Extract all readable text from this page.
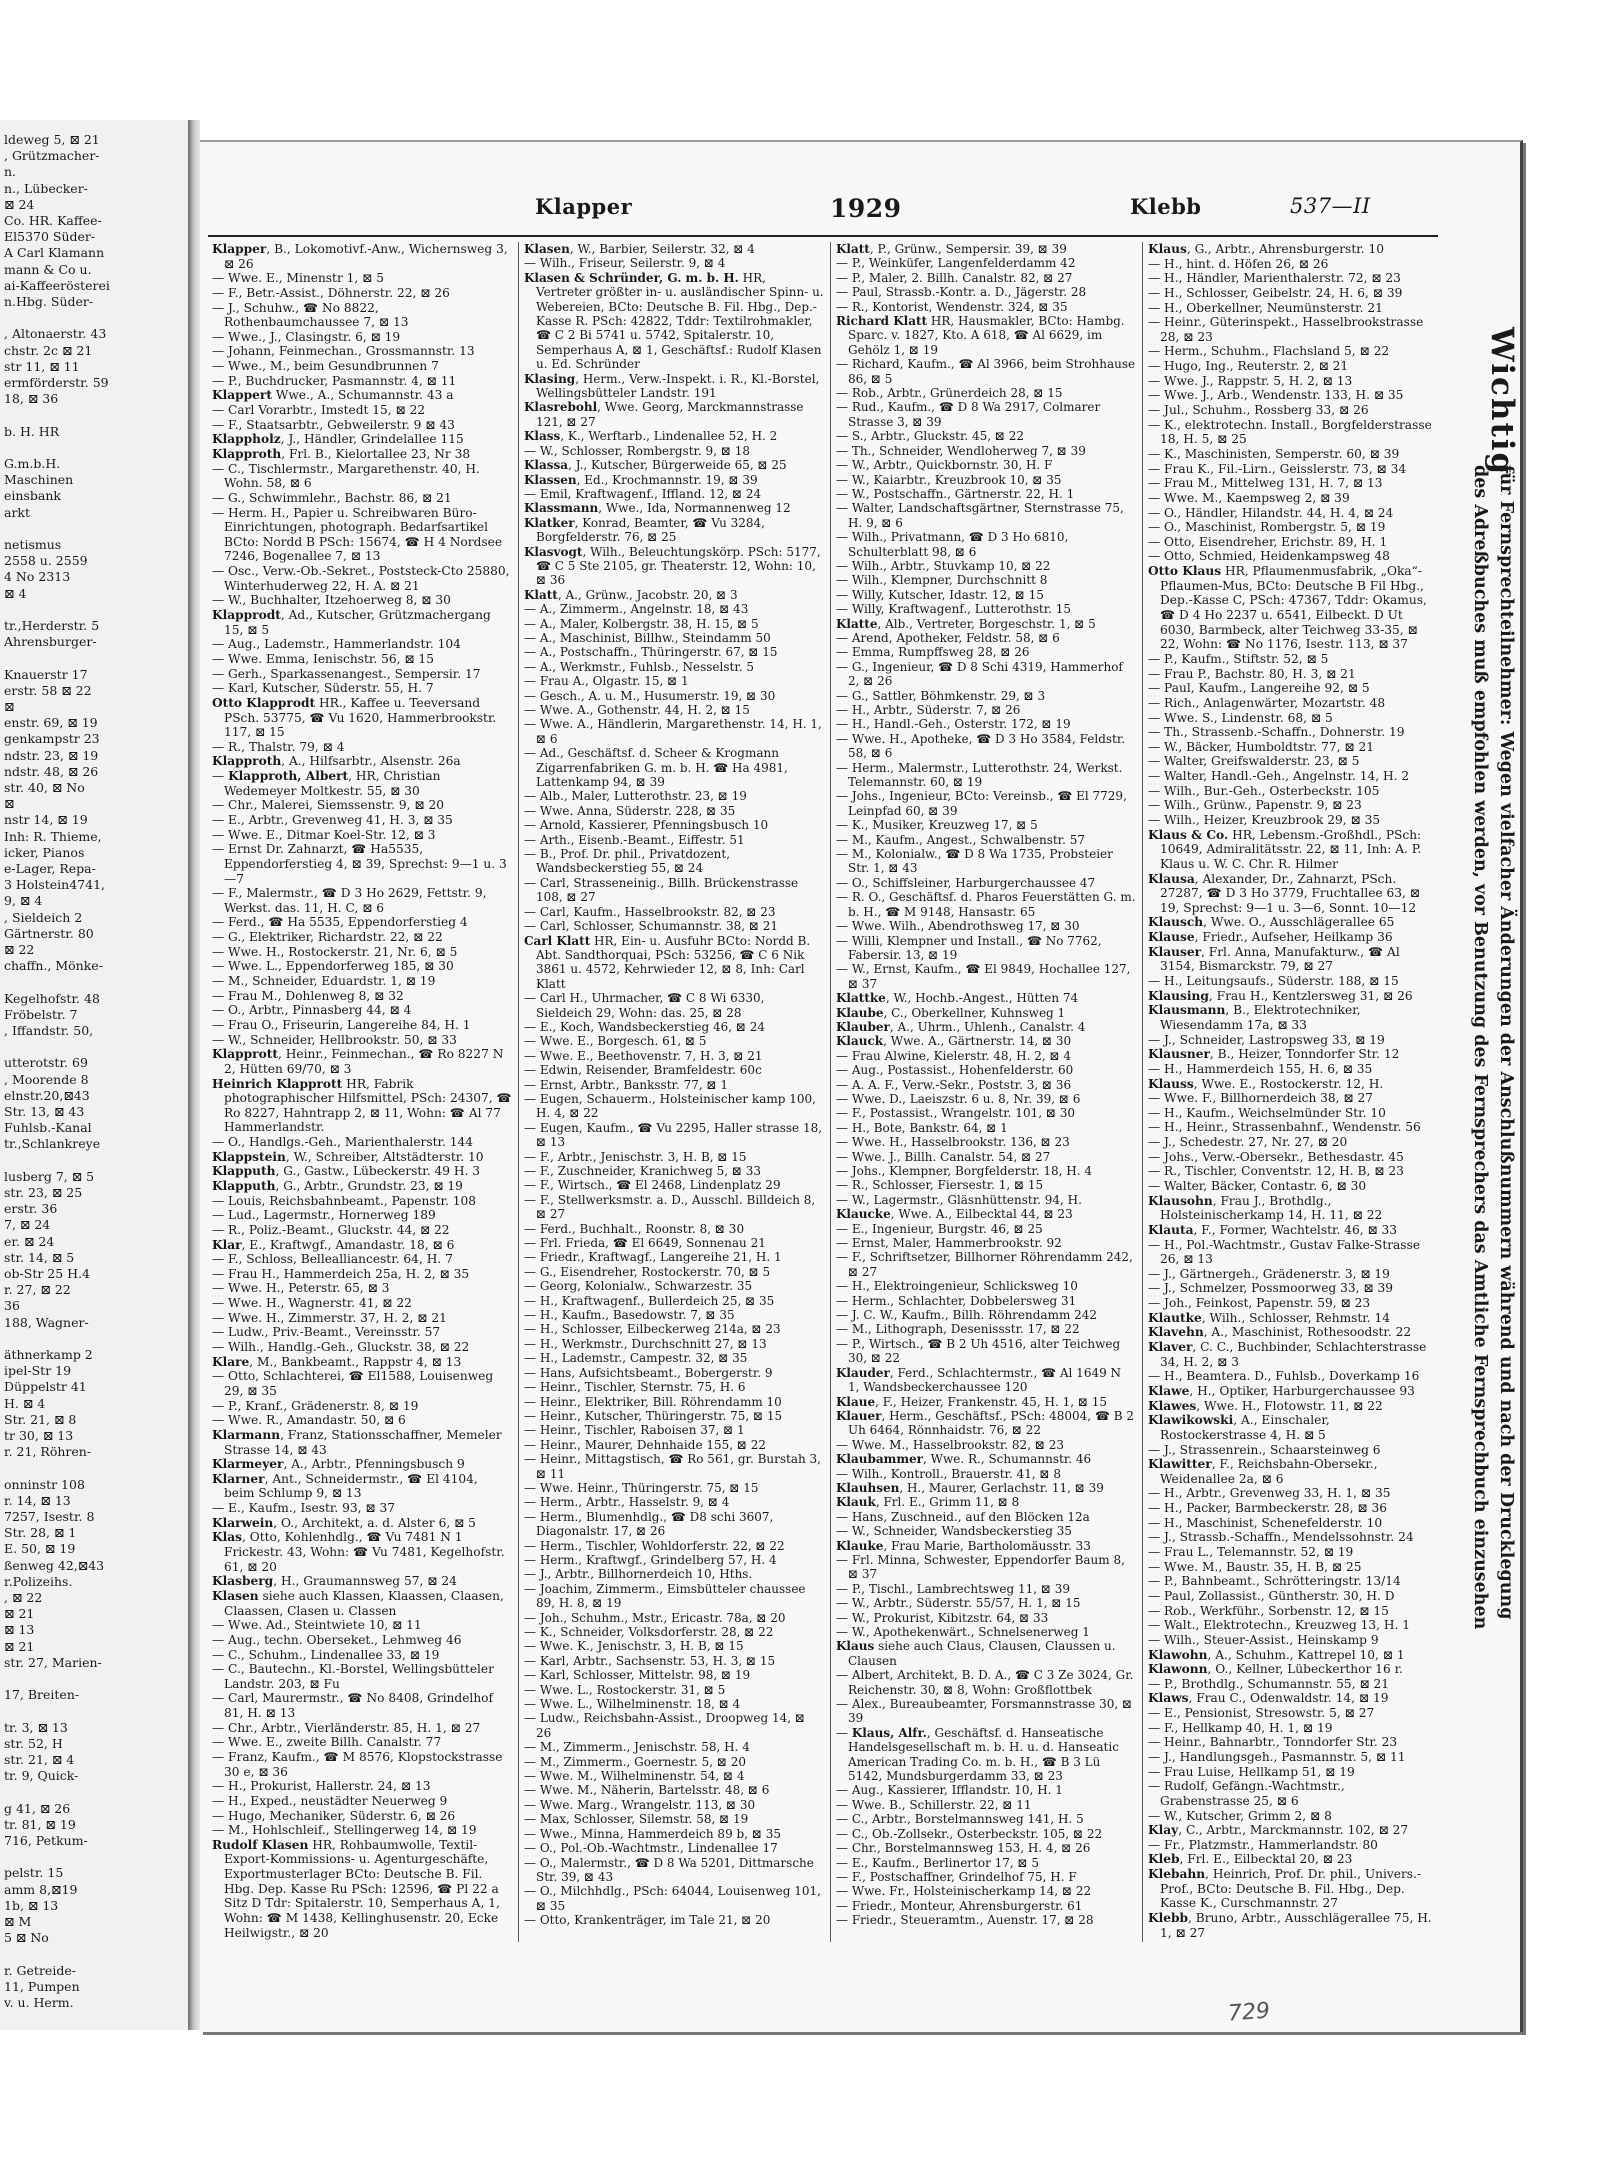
ldeweg 5, ⊠ 21
, Grützmacher-
n.
n., Lübecker-
⊠ 24
Co. HR. Kaffee-
El5370 Süder-
A Carl Klamann
mann & Co u.
ai-Kaffeerösterei
n.Hbg. Süder-
, Altonaerstr. 43
chstr. 2c ⊠ 21
str 11, ⊠ 11
ermförderstr. 59
18, ⊠ 36
b. H. HR
G.m.b.H.
Maschinen
einsbank
arkt
netismus
2558 u. 2559
4 No 2313
⊠ 4
tr.,Herderstr. 5
Ahrensburger-
Knauerstr 17
erstr. 58 ⊠ 22
⊠
enstr. 69, ⊠ 19
genkampstr 23
ndstr. 23, ⊠ 19
ndstr. 48, ⊠ 26
str. 40, ⊠ No
⊠
nstr 14, ⊠ 19
Inh: R. Thieme,
icker, Pianos
e-Lager, Repa-
3 Holstein4741,
9, ⊠ 4
, Sieldeich 2
Gärtnerstr. 80
⊠ 22
chaffn., Mönke-
Kegelhofstr. 48
Fröbelstr. 7
, Iffandstr. 50,
utterotstr. 69
, Moorende 8
elnstr.20,⊠43
Str. 13, ⊠ 43
Fuhlsb.-Kanal
tr.,Schlankreye
lusberg 7, ⊠ 5
str. 23, ⊠ 25
erstr. 36
7, ⊠ 24
er. ⊠ 24
str. 14, ⊠ 5
ob-Str 25 H.4
r. 27, ⊠ 22
36
188, Wagner-
äthnerkamp 2
ipel-Str 19
Düppelstr 41
H. ⊠ 4
Str. 21, ⊠ 8
tr 30, ⊠ 13
r. 21, Röhren-
onninstr 108
r. 14, ⊠ 13
7257, Isestr. 8
Str. 28, ⊠ 1
E. 50, ⊠ 19
ßenweg 42,⊠43
r.Polizeihs.
, ⊠ 22
⊠ 21
⊠ 13
⊠ 21
str. 27, Marien-
17, Breiten-
tr. 3, ⊠ 13
str. 52, H
str. 21, ⊠ 4
tr. 9, Quick-
g 41, ⊠ 26
tr. 81, ⊠ 19
716, Petkum-
pelstr. 15
amm 8,⊠19
1b, ⊠ 13
⊠ M
5 ⊠ No
r. Getreide-
11, Pumpen
v. u. Herm.
Klapper	1929	Klebb	537—II
Klapper, B., Lokomotivf.-Anw., Wichernsweg 3, ⊠ 26
— Wwe. E., Minenstr 1, ⊠ 5
— F., Betr.-Assist., Döhnerstr. 22, ⊠ 26
— J., Schuhw., ☎ No 8822, Rothenbaumchaussee 7, ⊠ 13
— Wwe., J., Clasingstr. 6, ⊠ 19
— Johann, Feinmechan., Grossmannstr. 13
— Wwe., M., beim Gesundbrunnen 7
— P., Buchdrucker, Pasmannstr. 4, ⊠ 11
Klappert Wwe., A., Schumannstr. 43 a
— Carl Vorarbtr., Imstedt 15, ⊠ 22
— F., Staatsarbtr., Gebweilerstr. 9 ⊠ 43
Klappholz, J., Händler, Grindelallee 115
Klapproth, Frl. B., Kielortallee 23, Nr 38
— C., Tischlermstr., Margarethenstr. 40, H. Wohn. 58, ⊠ 6
— G., Schwimmlehr., Bachstr. 86, ⊠ 21
— Herm. H., Papier u. Schreibwaren Büro-Einrichtungen, photograph. Bedarfsartikel BCto: Nordd B PSch: 15674, ☎ H 4 Nordsee 7246, Bogenallee 7, ⊠ 13
— Osc., Verw.-Ob.-Sekret., Poststeck-Cto 25880, Winterhuderweg 22, H. A. ⊠ 21
— W., Buchhalter, Itzehoerweg 8, ⊠ 30
Klapprodt, Ad., Kutscher, Grützmachergang 15, ⊠ 5
— Aug., Lademstr., Hammerlandstr. 104
— Wwe. Emma, Ienischstr. 56, ⊠ 15
— Gerh., Sparkassenangest., Sempersir. 17
— Karl, Kutscher, Süderstr. 55, H. 7
Otto Klapprodt HR., Kaffee u. Teeversand PSch. 53775, ☎ Vu 1620, Hammerbrookstr. 117, ⊠ 15
— R., Thalstr. 79, ⊠ 4
Klapproth, A., Hilfsarbtr., Alsenstr. 26a
— Klapproth, Albert, HR, Christian Wedemeyer Moltkestr. 55, ⊠ 30
— Chr., Malerei, Siemssenstr. 9, ⊠ 20
— E., Arbtr., Grevenweg 41, H. 3, ⊠ 35
— Wwe. E., Ditmar Koel-Str. 12, ⊠ 3
— Ernst Dr. Zahnarzt, ☎ Ha5535, Eppendorferstieg 4, ⊠ 39, Sprechst: 9—1 u. 3—7
— F., Malermstr., ☎ D 3 Ho 2629, Fettstr. 9, Werkst. das. 11, H. C, ⊠ 6
— Ferd., ☎ Ha 5535, Eppendorferstieg 4
— G., Elektriker, Richardstr. 22, ⊠ 22
— Wwe. H., Rostockerstr. 21, Nr. 6, ⊠ 5
— Wwe. L., Eppendorferweg 185, ⊠ 30
— M., Schneider, Eduardstr. 1, ⊠ 19
— Frau M., Dohlenweg 8, ⊠ 32
— O., Arbtr., Pinnasberg 44, ⊠ 4
— Frau O., Friseurin, Langereihe 84, H. 1
— W., Schneider, Hellbrookstr. 50, ⊠ 33
Klapprott, Heinr., Feinmechan., ☎ Ro 8227 N 2, Hütten 69/70, ⊠ 3
Heinrich Klapprott HR, Fabrik photographischer Hilfsmittel, PSch: 24307, ☎ Ro 8227, Hahntrapp 2, ⊠ 11, Wohn: ☎ Al 77 Hammerlandstr.
— O., Handlgs.-Geh., Marienthalerstr. 144
Klappstein, W., Schreiber, Altstädterstr. 10
Klapputh, G., Gastw., Lübeckerstr. 49 H. 3
Klapputh, G., Arbtr., Grundstr. 23, ⊠ 19
— Louis, Reichsbahnbeamt., Papenstr. 108
— Lud., Lagermstr., Hornerweg 189
— R., Poliz.-Beamt., Gluckstr. 44, ⊠ 22
Klar, E., Kraftwgf., Amandastr. 18, ⊠ 6
— F., Schloss, Bellealliancestr. 64, H. 7
— Frau H., Hammerdeich 25a, H. 2, ⊠ 35
— Wwe. H., Peterstr. 65, ⊠ 3
— Wwe. H., Wagnerstr. 41, ⊠ 22
— Wwe. H., Zimmerstr. 37, H. 2, ⊠ 21
— Ludw., Priv.-Beamt., Vereinsstr. 57
— Wilh., Handlg.-Geh., Gluckstr. 38, ⊠ 22
Klare, M., Bankbeamt., Rappstr 4, ⊠ 13
— Otto, Schlachterei, ☎ El1588, Louisenweg 29, ⊠ 35
— P., Kranf., Grädenerstr. 8, ⊠ 19
— Wwe. R., Amandastr. 50, ⊠ 6
Klarmann, Franz, Stationsschaffner, Memeler Strasse 14, ⊠ 43
Klarmeyer, A., Arbtr., Pfenningsbusch 9
Klarner, Ant., Schneidermstr., ☎ El 4104, beim Schlump 9, ⊠ 13
— E., Kaufm., Isestr. 93, ⊠ 37
Klarwein, O., Architekt, a. d. Alster 6, ⊠ 5
Klas, Otto, Kohlenhdlg., ☎ Vu 7481 N 1 Frickestr. 43, Wohn: ☎ Vu 7481, Kegelhofstr. 61, ⊠ 20
Klasberg, H., Graumannsweg 57, ⊠ 24
Klasen siehe auch Klassen, Klaassen, Claasen, Claassen, Clasen u. Classen
— Wwe. Ad., Steintwiete 10, ⊠ 11
— Aug., techn. Oberseket., Lehmweg 46
— C., Schuhm., Lindenallee 33, ⊠ 19
— C., Bautechn., Kl.-Borstel, Wellingsbütteler Landstr. 203, ⊠ Fu
— Carl, Maurermstr., ☎ No 8408, Grindelhof 81, H. ⊠ 13
— Chr., Arbtr., Vierländerstr. 85, H. 1, ⊠ 27
— Wwe. E., zweite Billh. Canalstr. 77
— Franz, Kaufm., ☎ M 8576, Klopstockstrasse 30 e, ⊠ 36
— H., Prokurist, Hallerstr. 24, ⊠ 13
— H., Exped., neustädter Neuerweg 9
— Hugo, Mechaniker, Süderstr. 6, ⊠ 26
— M., Hohlschleif., Stellingerweg 14, ⊠ 19
Rudolf Klasen HR, Rohbaumwolle, Textil-Export-Kommissions- u. Agenturgeschäfte, Exportmusterlager BCto: Deutsche B. Fil. Hbg. Dep. Kasse Ru PSch: 12596, ☎ Pl 22 a Sitz D Tdr: Spitalerstr. 10, Semperhaus A, 1, Wohn: ☎ M 1438, Kellinghusenstr. 20, Ecke Heilwigstr., ⊠ 20
Klasen, W., Barbier, Seilerstr. 32, ⊠ 4
— Wilh., Friseur, Seilerstr. 9, ⊠ 4
Klasen & Schründer, G. m. b. H. HR, Vertreter größter in- u. ausländischer Spinn- u. Webereien, BCto: Deutsche B. Fil. Hbg., Dep.-Kasse R. PSch: 42822, Tddr: Textilrohmakler, ☎ C 2 Bi 5741 u. 5742, Spitalerstr. 10, Semperhaus A, ⊠ 1, Geschäftsf.: Rudolf Klasen u. Ed. Schründer
Klasing, Herm., Verw.-Inspekt. i. R., Kl.-Borstel, Wellingsbütteler Landstr. 191
Klasrebohl, Wwe. Georg, Marckmannstrasse 121, ⊠ 27
Klass, K., Werftarb., Lindenallee 52, H. 2
— W., Schlosser, Rombergstr. 9, ⊠ 18
Klassa, J., Kutscher, Bürgerweide 65, ⊠ 25
Klassen, Ed., Krochmannstr. 19, ⊠ 39
— Emil, Kraftwagenf., Iffland. 12, ⊠ 24
Klassmann, Wwe., Ida, Normannenweg 12
Klatker, Konrad, Beamter, ☎ Vu 3284, Borgfelderstr. 76, ⊠ 25
Klasvogt, Wilh., Beleuchtungskörp. PSch: 5177, ☎ C 5 Ste 2105, gr. Theaterstr. 12, Wohn: 10, ⊠ 36
Klatt, A., Grünw., Jacobstr. 20, ⊠ 3
— A., Zimmerm., Angelnstr. 18, ⊠ 43
— A., Maler, Kolbergstr. 38, H. 15, ⊠ 5
— A., Maschinist, Billhw., Steindamm 50
— A., Postschaffn., Thüringerstr. 67, ⊠ 15
— A., Werkmstr., Fuhlsb., Nesselstr. 5
— Frau A., Olgastr. 15, ⊠ 1
— Gesch., A. u. M., Husumerstr. 19, ⊠ 30
— Wwe. A., Gothenstr. 44, H. 2, ⊠ 15
— Wwe. A., Händlerin, Margarethenstr. 14, H. 1, ⊠ 6
— Ad., Geschäftsf. d. Scheer & Krogmann Zigarrenfabriken G. m. b. H. ☎ Ha 4981, Lattenkamp 94, ⊠ 39
— Alb., Maler, Lutterothstr. 23, ⊠ 19
— Wwe. Anna, Süderstr. 228, ⊠ 35
— Arnold, Kassierer, Pfenningsbusch 10
— Arth., Eisenb.-Beamt., Eiffestr. 51
— B., Prof. Dr. phil., Privatdozent, Wandsbeckerstieg 55, ⊠ 24
— Carl, Strasseneinig., Billh. Brückenstrasse 108, ⊠ 27
— Carl, Kaufm., Hasselbrookstr. 82, ⊠ 23
— Carl, Schlosser, Schumannstr. 38, ⊠ 21
Carl Klatt HR, Ein- u. Ausfuhr BCto: Nordd B. Abt. Sandthorquai, PSch: 53256, ☎ C 6 Nik 3861 u. 4572, Kehrwieder 12, ⊠ 8, Inh: Carl Klatt
— Carl H., Uhrmacher, ☎ C 8 Wi 6330, Sieldeich 29, Wohn: das. 25, ⊠ 28
— E., Koch, Wandsbeckerstieg 46, ⊠ 24
— Wwe. E., Borgesch. 61, ⊠ 5
— Wwe. E., Beethovenstr. 7, H. 3, ⊠ 21
— Edwin, Reisender, Bramfeldestr. 60c
— Ernst, Arbtr., Banksstr. 77, ⊠ 1
— Eugen, Schauerm., Holsteinischer kamp 100, H. 4, ⊠ 22
— Eugen, Kaufm., ☎ Vu 2295, Haller strasse 18, ⊠ 13
— F., Arbtr., Jenischstr. 3, H. B, ⊠ 15
— F., Zuschneider, Kranichweg 5, ⊠ 33
— F., Wirtsch., ☎ El 2468, Lindenplatz 29
— F., Stellwerksmstr. a. D., Ausschl. Billdeich 8, ⊠ 27
— Ferd., Buchhalt., Roonstr. 8, ⊠ 30
— Frl. Frieda, ☎ El 6649, Sonnenau 21
— Friedr., Kraftwagf., Langereihe 21, H. 1
— G., Eisendreher, Rostockerstr. 70, ⊠ 5
— Georg, Kolonialw., Schwarzestr. 35
— H., Kraftwagenf., Bullerdeich 25, ⊠ 35
— H., Kaufm., Basedowstr. 7, ⊠ 35
— H., Schlosser, Eilbeckerweg 214a, ⊠ 23
— H., Werkmstr., Durchschnitt 27, ⊠ 13
— H., Lademstr., Campestr. 32, ⊠ 35
— Hans, Aufsichtsbeamt., Bobergerstr. 9
— Heinr., Tischler, Sternstr. 75, H. 6
— Heinr., Elektriker, Bill. Röhrendamm 10
— Heinr., Kutscher, Thüringerstr. 75, ⊠ 15
— Heinr., Tischler, Raboisen 37, ⊠ 1
— Heinr., Maurer, Dehnhaide 155, ⊠ 22
— Heinr., Mittagstisch, ☎ Ro 561, gr. Burstah 3, ⊠ 11
— Wwe. Heinr., Thüringerstr. 75, ⊠ 15
— Herm., Arbtr., Hasselstr. 9, ⊠ 4
— Herm., Blumenhdlg., ☎ D8 schi 3607, Diagonalstr. 17, ⊠ 26
— Herm., Tischler, Wohldorferstr. 22, ⊠ 22
— Herm., Kraftwgf., Grindelberg 57, H. 4
— J., Arbtr., Billhornerdeich 10, Hths.
— Joachim, Zimmerm., Eimsbütteler chaussee 89, H. 8, ⊠ 19
— Joh., Schuhm., Mstr., Ericastr. 78a, ⊠ 20
— K., Schneider, Volksdorferstr. 28, ⊠ 22
— Wwe. K., Jenischstr. 3, H. B, ⊠ 15
— Karl, Arbtr., Sachsenstr. 53, H. 3, ⊠ 15
— Karl, Schlosser, Mittelstr. 98, ⊠ 19
— Wwe. L., Rostockerstr. 31, ⊠ 5
— Wwe. L., Wilhelminenstr. 18, ⊠ 4
— Ludw., Reichsbahn-Assist., Droopweg 14, ⊠ 26
— M., Zimmerm., Jenischstr. 58, H. 4
— M., Zimmerm., Goernestr. 5, ⊠ 20
— Wwe. M., Wilhelminenstr. 54, ⊠ 4
— Wwe. M., Näherin, Bartelsstr. 48, ⊠ 6
— Wwe. Marg., Wrangelstr. 113, ⊠ 30
— Max, Schlosser, Silemstr. 58, ⊠ 19
— Wwe., Minna, Hammerdeich 89 b, ⊠ 35
— O., Pol.-Ob.-Wachtmstr., Lindenallee 17
— O., Malermstr., ☎ D 8 Wa 5201, Dittmarsche Str. 39, ⊠ 43
— O., Milchhdlg., PSch: 64044, Louisenweg 101, ⊠ 35
— Otto, Krankenträger, im Tale 21, ⊠ 20
Klatt, P., Grünw., Sempersir. 39, ⊠ 39
— P., Weinküfer, Langenfelderdamm 42
— P., Maler, 2. Billh. Canalstr. 82, ⊠ 27
— Paul, Strassb.-Kontr. a. D., Jägerstr. 28
— R., Kontorist, Wendenstr. 324, ⊠ 35
Richard Klatt HR, Hausmakler, BCto: Hambg. Sparc. v. 1827, Kto. A 618, ☎ Al 6629, im Gehölz 1, ⊠ 19
— Richard, Kaufm., ☎ Al 3966, beim Strohhause 86, ⊠ 5
— Rob., Arbtr., Grünerdeich 28, ⊠ 15
— Rud., Kaufm., ☎ D 8 Wa 2917, Colmarer Strasse 3, ⊠ 39
— S., Arbtr., Gluckstr. 45, ⊠ 22
— Th., Schneider, Wendloherweg 7, ⊠ 39
— W., Arbtr., Quickbornstr. 30, H. F
— W., Kaiarbtr., Kreuzbrook 10, ⊠ 35
— W., Postschaffn., Gärtnerstr. 22, H. 1
— Walter, Landschaftsgärtner, Sternstrasse 75, H. 9, ⊠ 6
— Wilh., Privatmann, ☎ D 3 Ho 6810, Schulterblatt 98, ⊠ 6
— Wilh., Arbtr., Stuvkamp 10, ⊠ 22
— Wilh., Klempner, Durchschnitt 8
— Willy, Kutscher, Idastr. 12, ⊠ 15
— Willy, Kraftwagenf., Lutterothstr. 15
Klatte, Alb., Vertreter, Borgeschstr. 1, ⊠ 5
— Arend, Apotheker, Feldstr. 58, ⊠ 6
— Emma, Rumpffsweg 28, ⊠ 26
— G., Ingenieur, ☎ D 8 Schi 4319, Hammerhof 2, ⊠ 26
— G., Sattler, Böhmkenstr. 29, ⊠ 3
— H., Arbtr., Süderstr. 7, ⊠ 26
— H., Handl.-Geh., Osterstr. 172, ⊠ 19
— Wwe. H., Apotheke, ☎ D 3 Ho 3584, Feldstr. 58, ⊠ 6
— Herm., Malermstr., Lutterothstr. 24, Werkst. Telemannstr. 60, ⊠ 19
— Johs., Ingenieur, BCto: Vereinsb., ☎ El 7729, Leinpfad 60, ⊠ 39
— K., Musiker, Kreuzweg 17, ⊠ 5
— M., Kaufm., Angest., Schwalbenstr. 57
— M., Kolonialw., ☎ D 8 Wa 1735, Probsteier Str. 1, ⊠ 43
— O., Schiffsleiner, Harburgerchaussee 47
— R. O., Geschäftsf. d. Pharos Feuerstätten G. m. b. H., ☎ M 9148, Hansastr. 65
— Wwe. Wilh., Abendrothsweg 17, ⊠ 30
— Willi, Klempner und Install., ☎ No 7762, Fabersir. 13, ⊠ 19
— W., Ernst, Kaufm., ☎ El 9849, Hochallee 127, ⊠ 37
Klattke, W., Hochb.-Angest., Hütten 74
Klaube, C., Oberkellner, Kuhnsweg 1
Klauber, A., Uhrm., Uhlenh., Canalstr. 4
Klauck, Wwe. A., Gärtnerstr. 14, ⊠ 30
— Frau Alwine, Kielerstr. 48, H. 2, ⊠ 4
— Aug., Postassist., Hohenfelderstr. 60
— A. A. F., Verw.-Sekr., Poststr. 3, ⊠ 36
— Wwe. D., Laeiszstr. 6 u. 8, Nr. 39, ⊠ 6
— F., Postassist., Wrangelstr. 101, ⊠ 30
— H., Bote, Bankstr. 64, ⊠ 1
— Wwe. H., Hasselbrookstr. 136, ⊠ 23
— Wwe. J., Billh. Canalstr. 54, ⊠ 27
— Johs., Klempner, Borgfelderstr. 18, H. 4
— R., Schlosser, Fiersestr. 1, ⊠ 15
— W., Lagermstr., Gläsnhüttenstr. 94, H.
Klaucke, Wwe. A., Eilbecktal 44, ⊠ 23
— E., Ingenieur, Burgstr. 46, ⊠ 25
— Ernst, Maler, Hammerbrookstr. 92
— F., Schriftsetzer, Billhorner Röhrendamm 242, ⊠ 27
— H., Elektroingenieur, Schlicksweg 10
— Herm., Schlachter, Dobbelersweg 31
— J. C. W., Kaufm., Billh. Röhrendamm 242
— M., Lithograph, Desenissstr. 17, ⊠ 22
— P., Wirtsch., ☎ B 2 Uh 4516, alter Teichweg 30, ⊠ 22
Klauder, Ferd., Schlachtermstr., ☎ Al 1649 N 1, Wandsbeckerchaussee 120
Klaue, F., Heizer, Frankenstr. 45, H. 1, ⊠ 15
Klauer, Herm., Geschäftsf., PSch: 48004, ☎ B 2 Uh 6464, Rönnhaidstr. 76, ⊠ 22
— Wwe. M., Hasselbrookstr. 82, ⊠ 23
Klaubammer, Wwe. R., Schumannstr. 46
— Wilh., Kontroll., Brauerstr. 41, ⊠ 8
Klauhsen, H., Maurer, Gerlachstr. 11, ⊠ 39
Klauk, Frl. E., Grimm 11, ⊠ 8
— Hans, Zuschneid., auf den Blöcken 12a
— W., Schneider, Wandsbeckerstieg 35
Klauke, Frau Marie, Bartholomäusstr. 33
— Frl. Minna, Schwester, Eppendorfer Baum 8, ⊠ 37
— P., Tischl., Lambrechtsweg 11, ⊠ 39
— W., Arbtr., Süderstr. 55/57, H. 1, ⊠ 15
— W., Prokurist, Kibitzstr. 64, ⊠ 33
— W., Apothekenwärt., Schnelsenerweg 1
Klaus siehe auch Claus, Clausen, Claussen u. Clausen
— Albert, Architekt, B. D. A., ☎ C 3 Ze 3024, Gr. Reichenstr. 30, ⊠ 8, Wohn: Großflottbek
— Alex., Bureaubeamter, Forsmannstrasse 30, ⊠ 39
— Klaus, Alfr., Geschäftsf. d. Hanseatische Handelsgesellschaft m. b. H. u. d. Hanseatic American Trading Co. m. b. H., ☎ B 3 Lü 5142, Mundsburgerdamm 33, ⊠ 23
— Aug., Kassierer, Ifflandstr. 10, H. 1
— Wwe. B., Schillerstr. 22, ⊠ 11
— C., Arbtr., Borstelmannsweg 141, H. 5
— C., Ob.-Zollsekr., Osterbeckstr. 105, ⊠ 22
— Chr., Borstelmannsweg 153, H. 4, ⊠ 26
— E., Kaufm., Berlinertor 17, ⊠ 5
— F., Postschaffner, Grindelhof 75, H. F
— Wwe. Fr., Holsteinischerkamp 14, ⊠ 22
— Friedr., Monteur, Ahrensburgerstr. 61
— Friedr., Steueramtm., Auenstr. 17, ⊠ 28
Klaus, G., Arbtr., Ahrensburgerstr. 10
— H., hint. d. Höfen 26, ⊠ 26
— H., Händler, Marienthalerstr. 72, ⊠ 23
— H., Schlosser, Geibelstr. 24, H. 6, ⊠ 39
— H., Oberkellner, Neumünsterstr. 21
— Heinr., Güterinspekt., Hasselbrookstrasse 28, ⊠ 23
— Herm., Schuhm., Flachsland 5, ⊠ 22
— Hugo, Ing., Reuterstr. 2, ⊠ 21
— Wwe. J., Rappstr. 5, H. 2, ⊠ 13
— Wwe. J., Arb., Wendenstr. 133, H. ⊠ 35
— Jul., Schuhm., Rossberg 33, ⊠ 26
— K., elektrotechn. Install., Borgfelderstrasse 18, H. 5, ⊠ 25
— K., Maschinisten, Semperstr. 60, ⊠ 39
— Frau K., Fil.-Lirn., Geisslerstr. 73, ⊠ 34
— Frau M., Mittelweg 131, H. 7, ⊠ 13
— Wwe. M., Kaempsweg 2, ⊠ 39
— O., Händler, Hilandstr. 44, H. 4, ⊠ 24
— O., Maschinist, Rombergstr. 5, ⊠ 19
— Otto, Eisendreher, Erichstr. 89, H. 1
— Otto, Schmied, Heidenkampsweg 48
Otto Klaus HR, Pflaumenmusfabrik, „Oka“-Pflaumen-Mus, BCto: Deutsche B Fil Hbg., Dep.-Kasse C, PSch: 47367, Tddr: Okamus, ☎ D 4 Ho 2237 u. 6541, Eilbeckt. D Ut 6030, Barmbeck, alter Teichweg 33-35, ⊠ 22, Wohn: ☎ No 1176, Isestr. 113, ⊠ 37
— P., Kaufm., Stiftstr. 52, ⊠ 5
— Frau P., Bachstr. 80, H. 3, ⊠ 21
— Paul, Kaufm., Langereihe 92, ⊠ 5
— Rich., Anlagenwärter, Mozartstr. 48
— Wwe. S., Lindenstr. 68, ⊠ 5
— Th., Strassenb.-Schaffn., Dohnerstr. 19
— W., Bäcker, Humboldtstr. 77, ⊠ 21
— Walter, Greifswalderstr. 23, ⊠ 5
— Walter, Handl.-Geh., Angelnstr. 14, H. 2
— Wilh., Bur.-Geh., Osterbeckstr. 105
— Wilh., Grünw., Papenstr. 9, ⊠ 23
— Wilh., Heizer, Kreuzbrook 29, ⊠ 35
Klaus & Co. HR, Lebensm.-Großhdl., PSch: 10649, Admiralitätsstr. 22, ⊠ 11, Inh: A. P. Klaus u. W. C. Chr. R. Hilmer
Klausa, Alexander, Dr., Zahnarzt, PSch. 27287, ☎ D 3 Ho 3779, Fruchtallee 63, ⊠ 19, Sprechst: 9—1 u. 3—6, Sonnt. 10—12
Klausch, Wwe. O., Ausschlägerallee 65
Klause, Friedr., Aufseher, Heilkamp 36
Klauser, Frl. Anna, Manufakturw., ☎ Al 3154, Bismarckstr. 79, ⊠ 27
— H., Leitungsaufs., Süderstr. 188, ⊠ 15
Klausing, Frau H., Kentzlersweg 31, ⊠ 26
Klausmann, B., Elektrotechniker, Wiesendamm 17a, ⊠ 33
— J., Schneider, Lastropsweg 33, ⊠ 19
Klausner, B., Heizer, Tonndorfer Str. 12
— H., Hammerdeich 155, H. 6, ⊠ 35
Klauss, Wwe. E., Rostockerstr. 12, H.
— Wwe. F., Billhornerdeich 38, ⊠ 27
— H., Kaufm., Weichselmünder Str. 10
— H., Heinr., Strassenbahnf., Wendenstr. 56
— J., Schedestr. 27, Nr. 27, ⊠ 20
— Johs., Verw.-Obersekr., Bethesdastr. 45
— R., Tischler, Conventstr. 12, H. B, ⊠ 23
— Walter, Bäcker, Contastr. 6, ⊠ 30
Klausohn, Frau J., Brothdlg., Holsteinischerkamp 14, H. 11, ⊠ 22
Klauta, F., Former, Wachtelstr. 46, ⊠ 33
— H., Pol.-Wachtmstr., Gustav Falke-Strasse 26, ⊠ 13
— J., Gärtnergeh., Grädenerstr. 3, ⊠ 19
— J., Schmelzer, Possmoorweg 33, ⊠ 39
— Joh., Feinkost, Papenstr. 59, ⊠ 23
Klautke, Wilh., Schlosser, Rehmstr. 14
Klavehn, A., Maschinist, Rothesoodstr. 22
Klaver, C. C., Buchbinder, Schlachterstrasse 34, H. 2, ⊠ 3
— H., Beamtera. D., Fuhlsb., Doverkamp 16
Klawe, H., Optiker, Harburgerchaussee 93
Klawes, Wwe. H., Flotowstr. 11, ⊠ 22
Klawikowski, A., Einschaler, Rostockerstrasse 4, H. ⊠ 5
— J., Strassenrein., Schaarsteinweg 6
Klawitter, F., Reichsbahn-Obersekr., Weidenallee 2a, ⊠ 6
— H., Arbtr., Grevenweg 33, H. 1, ⊠ 35
— H., Packer, Barmbeckerstr. 28, ⊠ 36
— H., Maschinist, Schenefelderstr. 10
— J., Strassb.-Schaffn., Mendelssohnstr. 24
— Frau L., Telemannstr. 52, ⊠ 19
— Wwe. M., Baustr. 35, H. B, ⊠ 25
— P., Bahnbeamt., Schrötteringstr. 13/14
— Paul, Zollassist., Güntherstr. 30, H. D
— Rob., Werkführ., Sorbenstr. 12, ⊠ 15
— Walt., Elektrotechn., Kreuzweg 13, H. 1
— Wilh., Steuer-Assist., Heinskamp 9
Klawohn, A., Schuhm., Kattrepel 10, ⊠ 1
Klawonn, O., Kellner, Lübeckerthor 16 r.
— P., Brothdlg., Schumannstr. 55, ⊠ 21
Klaws, Frau C., Odenwaldstr. 14, ⊠ 19
— E., Pensionist, Stresowstr. 5, ⊠ 27
— F., Hellkamp 40, H. 1, ⊠ 19
— Heinr., Bahnarbtr., Tonndorfer Str. 23
— J., Handlungsgeh., Pasmannstr. 5, ⊠ 11
— Frau Luise, Hellkamp 51, ⊠ 19
— Rudolf, Gefängn.-Wachtmstr., Grabenstrasse 25, ⊠ 6
— W., Kutscher, Grimm 2, ⊠ 8
Klay, C., Arbtr., Marckmannstr. 102, ⊠ 27
— Fr., Platzmstr., Hammerlandstr. 80
Kleb, Frl. E., Eilbecktal 20, ⊠ 23
Klebahn, Heinrich, Prof. Dr. phil., Univers.-Prof., BCto: Deutsche B. Fil. Hbg., Dep. Kasse K., Curschmannstr. 27
Klebb, Bruno, Arbtr., Ausschlägerallee 75, H. 1, ⊠ 27
Wichtig
für Fernsprechteilnehmer: Wegen vielfacher Änderungen der Anschlußnummern während und nach der Drucklegung
des Adreßbuches muß empfohlen werden, vor Benutzung des Fernsprechers das Amtliche Fernsprechbuch einzusehen
729
